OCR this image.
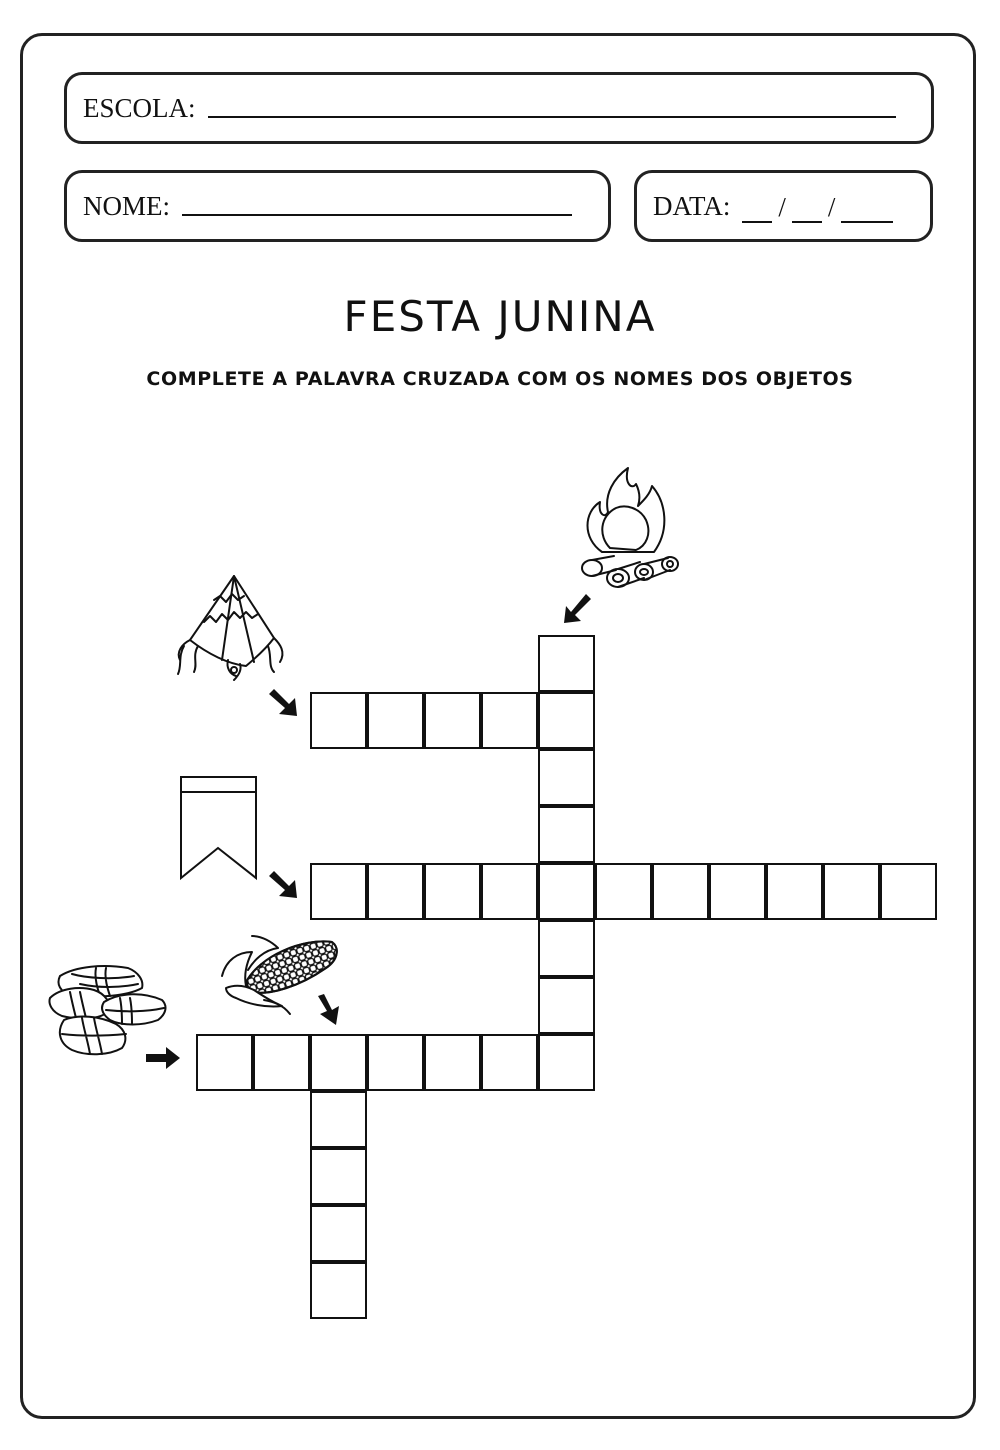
ESCOLA:
NOME:	DATA: / /
FESTA JUNINA
COMPLETE A PALAVRA CRUZADA COM OS NOMES DOS OBJETOS
